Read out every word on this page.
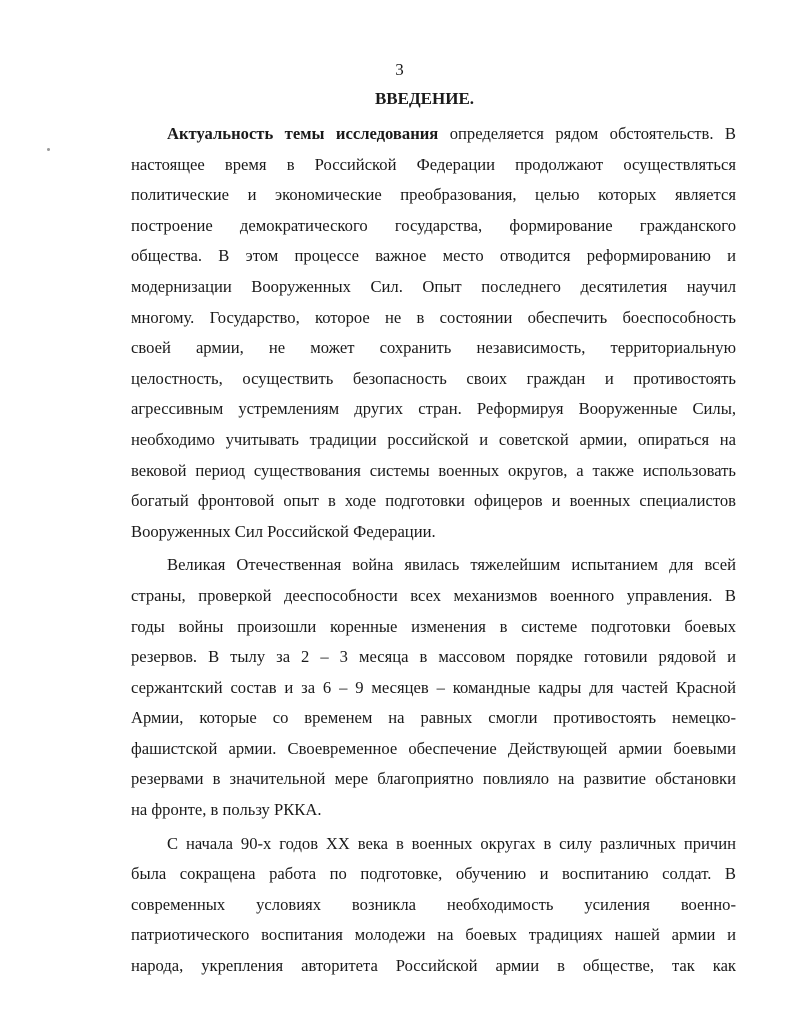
3
ВВЕДЕНИЕ.
Актуальность темы исследования определяется рядом обстоятельств. В
настоящее время в Российской Федерации продолжают осуществляться
политические и экономические преобразования, целью которых является
построение демократического государства, формирование гражданского
общества. В этом процессе важное место отводится реформированию и
модернизации Вооруженных Сил. Опыт последнего десятилетия научил
многому. Государство, которое не в состоянии обеспечить боеспособность
своей армии, не может сохранить независимость, территориальную
целостность, осуществить безопасность своих граждан и противостоять
агрессивным устремлениям других стран. Реформируя Вооруженные Силы,
необходимо учитывать традиции российской и советской армии, опираться на
вековой период существования системы военных округов, а также использовать
богатый фронтовой опыт в ходе подготовки офицеров и военных специалистов
Вооруженных Сил Российской Федерации.
Великая Отечественная война явилась тяжелейшим испытанием для всей
страны, проверкой дееспособности всех механизмов военного управления. В
годы войны произошли коренные изменения в системе подготовки боевых
резервов. В тылу за 2 – 3 месяца в массовом порядке готовили рядовой и
сержантский состав и за 6 – 9 месяцев – командные кадры для частей Красной
Армии, которые со временем на равных смогли противостоять немецко-
фашистской армии. Своевременное обеспечение Действующей армии боевыми
резервами в значительной мере благоприятно повлияло на развитие обстановки
на фронте, в пользу РККА.
С начала 90-х годов XX века в военных округах в силу различных причин
была сокращена работа по подготовке, обучению и воспитанию солдат. В
современных условиях возникла необходимость усиления военно-
патриотического воспитания молодежи на боевых традициях нашей армии и
народа, укрепления авторитета Российской армии в обществе, так как
